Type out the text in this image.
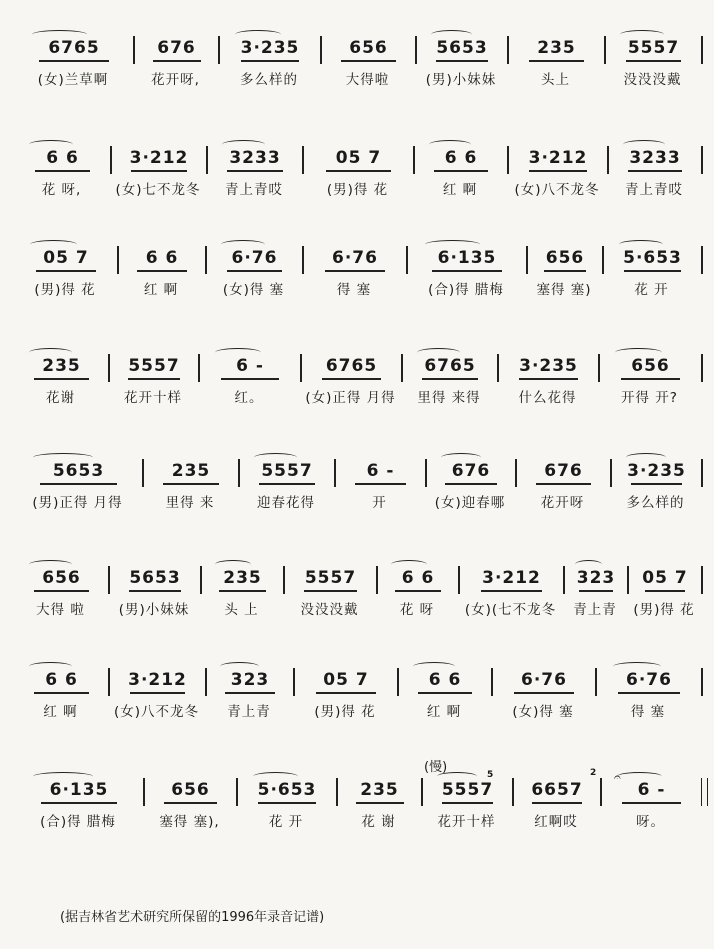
6765	676	3·235	656	5653	235	5557
(女)兰草啊	花开呀,	多么样的	大得啦	(男)小妹妹	头上	没没没戴
6 6	3·212	3233	05 7	6 6	3·212	3233
花 呀,	(女)七不龙冬	青上青哎	(男)得 花	红 啊	(女)八不龙冬	青上青哎
05 7	6 6	6·76	6·76	6·135	656	5·653
(男)得 花	红 啊	(女)得 塞	得 塞	(合)得 腊梅	塞得 塞)	花 开
235	5557	6 -	6765	6765	3·235	656
花谢	花开十样	红。	(女)正得 月得	里得 来得	什么花得	开得 开?
5653	235	5557	6 -	676	676	3·235
(男)正得 月得	里得 来	迎春花得	开	(女)迎春哪	花开呀	多么样的
656	5653	235	5557	6 6	3·212	323	05 7
大得 啦	(男)小妹妹	头 上	没没没戴	花 呀	(女)(七不龙冬	青上青	(男)得 花
6 6	3·212	323	05 7	6 6	6·76	6·76
红 啊	(女)八不龙冬	青上青	(男)得 花	红 啊	(女)得 塞	得 塞
6·135	656	5·653	235	5557	6657	6 -
(合)得 腊梅	塞得 塞),	花 开	花 谢	花开十样	红啊哎	呀。
(慢)	5	2 𝄐
(据吉林省艺术研究所保留的1996年录音记谱)
